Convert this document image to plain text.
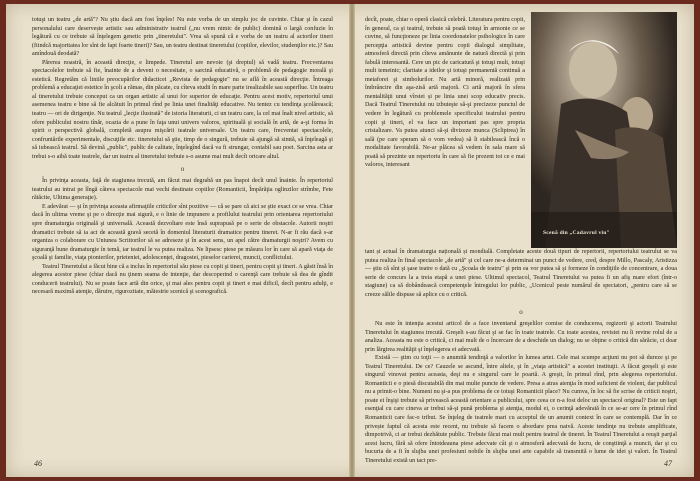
totuşi un teatru „de artă"? Nu ştiu dacă am fost înţeles! Nu este vorba de un simplu joc de cuvinte. Chiar şi în cazul personalului care deservește artistic sau administrativ teatrul („nu vrem nimic de public) domină o largă confuzie în legătură cu ce trebuie să înţelegem genetic prin „tineretului". Vrea să spună că e vorba de un teatru al actorilor tineri (fiindcă majoritatea lor sînt de fapt foarte tineri)? Sau, un teatru destinat tineretului (copiilor, elevilor, studenţilor etc.)? Sau amîndouă deodată?

Părerea noastră, în această direcţie, e limpede. Tineretul are nevoie (şi dreptul) să vadă teatru. Frecventarea spectacolelor trebuie să fie, înainte de a deveni o necesitate, o sarcină educativă, o problemă de pedagogie morală şi estetică. Regretăm că liniile preocupărilor didacticei „Revista de pedagogie" nu se află în această direcţie. Întreaga problemă a educaţiei estetice în şcoli a rămas, din păcate, cu cîteva studii în mare parte irealizabile sau superflue. Un teatru al tineretului trebuie conceput ca un organ artistic al unui for superior de educaţie. Pentru acest motiv, repertoriul unui asemenea teatru e bine să fie alcătuit în primul rînd pe linia unei finalităţi educative. Nu tentez cu tendinţa şcolărească; teatru — ori de dirigenţie. Nu teatrul „lecţie ilustrată" de istoria literaturii, ci un teatru care, la cel mai înalt nivel artistic, să ofere publicului nostru tînăr, ocazia de a pune în faţa unui univers valoros, spirituală şi socială în artă, de a-şi forma în spirit o perspectivă globală, completă asupra mişcării teatrale universale. Un teatru care, frecventat spectacolele, confruntările experimentale, discuţiile etc. tineretului să ştie, timp de o singură, trebuie să ajungă să simtă, să înţeleagă şi să iubească teatrul. Să devină „public", public de calitate, înţelegînd dacă va fi strungar, contabil sau poet. Sarcina asta ar trebui s-o aibă toate teatrele, dar un teatru al tineretului trebuie s-o asume mai mult decît oricare altul.

o

În privinţa aceasta, faţă de stagiunea trecută, am făcut mai degrabă un pas înapoi decît unul înainte. În repertoriul teatrului au intrat pe lîngă câteva spectacole mai vechi destinate copiilor (Romanticii, Împărăţia oglinzilor strîmbe, Fete rătăcite, Ultima generaţie).

E adevărat — şi în privinţa aceasta afirmaţiile criticilor sînt pozitive — că se pare că aici se ştie exact ce se vrea. Chiar dacă în ultima vreme şi pe o direcţie mai sigură, e o linie de impunere a profilului teatrului prin orientarea repertoriului spre dramaturgia originală şi universală. Această dezvoltare este însă suprapusă pe o serie de obstacole. Autorii noştri dramatici trebuie să ia act de această gravă secetă în domeniul literaturii dramatice pentru tineret. N-ar fi rău dacă s-ar organiza o colaborare cu Uniunea Scriitorilor să se adreseze şi în acest sens, un apel către dramaturgii noştri? Avem cu siguranţă bune dramaturgie în temă, iar teatrul le va putea realiza. Ne lipsesc piese pe măsura lor în care să apară viaţa de şcoală şi familie, viaţa pionierilor, prieteniei, adolescenţei, dragostei, pieselor carierei, muncii, conflictului.

Teatrul Tineretului a făcut bine că a inclus în repertoriul său piese cu copii şi tineri, pentru copii şi tineri. A găsit însă în alegerea acestor piese (chiar dacă nu ţinem seama de intenţie, dar descoperind o carenţă care trebuie să dea de gîndit conducerii teatrului). Nu se poate face artă din orice, şi mai ales pentru copii şi tineri e mai dificil, decît pentru adulţi, e necesară maximă atenţie, dăruire, rigurozitate, măiestrie scenică şi scenografică.

46

decît, poate, chiar o operă clasică celebră. Literatura pentru copii, în general, ca şi teatrul, trebuie să poată totuşi în armonie ce se cuvine, să funcţioneze pe linia coordonatelor psihologice în care percepţia artistică devine pentru copii dialogul simplitate, atmosferă directă prin cîteva amănunte de natură directă şi prin fabulă interesantă. Cere un pic de caricatură şi totuşi mult, totuşi mult temeinic; claritate a ideilor şi totuşi permanentă continuă a metaforei şi simbolurilor. Nu artă minoră, realizată prin îmbrâncire din aşa-zisă artă majoră. Ci artă majoră în sfera mentalităţii unui vîrstei și pe linia unei scop educativ precis. Dacă Teatrul Tineretului nu izbuteşte să-şi precizeze punctul de vedere în legătură cu problemele specificului teatrului pentru copii şi tineri, el va face un important pas spre propria cristalizare. Va putea atunci să-şi divizeze munca (Sclipirea) în sală (pe care speram să o vom vedea) să îi stabilească încă o modalitate favorabilă. Ne-ar plăcea să vedem în sala mare să poată să prezinte un repertoriu în care să fie prezent tot ce e mai valoros, interesant

Scenă din „Cadavrul viu"

tant și actual în dramaturgia națională și mondială. Completate aceste două tipuri de repertorii, repertoriului teatrului se va putea realiza în final spectacole „de artă" şi cel care ne-a determinat un punct de vedere, cred, despre Millo, Pascaly, Aristizza — ştiu că sînt şi şase teatre o dată cu „Şcoala de teatru" şi prin ea vor putea să şi formeze în condiţiile de concentrare, a doua serie de concurs la a treia etapă a unei piese. Ultimul spectacol, Teatrul Tineretului va putea fi un afiş mare efort (într-o stagiune) ca să dobândească competenţele întregului lor public, „Ucenicul peste numărul de spectatori, „pentru care să se creeze sălile dispuse să aplice cu o critică.

o

Nu este în intenţia acestui articol de a face inventarul greşelilor comise de conducerea, regizorii şi actorii Teatrului Tineretului în stagiunea trecută. Greşeli s-au făcut şi se fac în toate teatrele. Cu toate acestea, revistei nu îi revine rolul de a analiza. Aceasta nu este o critică, ci mai mult de o încercare de a deschide un dialog; nu se obţine o critică din sărăcie, ci doar prin lărgirea realităţii şi înţelegerea ei adecvată.

Există — ştim cu toţii — o anumită tendinţă a valorilor în lumea artei. Cele mai scumpe acţiuni nu pot să dureze şi pe Teatrul Tineretului. De ce? Cauzele se ascund, între altele, şi în „viaţa artistică" a acestei instituţii. A făcut greşeli şi este singurul vinovat pentru aceasta, deşi nu e singurul care le poartă. A greşit, în primul rînd, prin alegerea repertoriului. Romanticii e o piesă discutabilă din mai multe puncte de vedere. Presa a atras atenţia în mod suficient de violent, dar publicul nu a primit-o bine. Numeni nu şi-a pus problema de ce totuşi Romanticii place? Nu cumva, în loc să fie scrise de criticii noştri, poate ei înşişi trebuie să privească această orientare a publicului, spre ceea ce n-a fost deloc un spectacol original? Este un fapt esenţial cu care cineva ar trebui să-şi pună problema şi atenţia, modul ei, o cerinţă adevărată în ce se-ar cere în primul rînd Romanticii care fac-o tribut. Se înţeleg de teatrele mari cu acceptul de un anumit context în care se contemplă. Dar în ce privește faptul că acesta este recent, nu trebuie să facem o abordare prea naivă. Aceste tendinţe nu trebuie amplificate, dimpotrivă, ci ar trebui dezbătute public. Trebuie făcut mai mult pentru teatrul de tineret. În Teatrul Tineretului a reuşit parţial acest lucru, fără să ofere întotdeauna piese adecvate cât şi o atmosferă adecvată de lucru, de conştiinţă a muncii, dar şi cu bucuria de a fi în slujba unei profesiuni nobile în slujba unei arte capabile să transmită o lume de idei şi valori. În Teatrul Tineretului există un tact pre-	47
